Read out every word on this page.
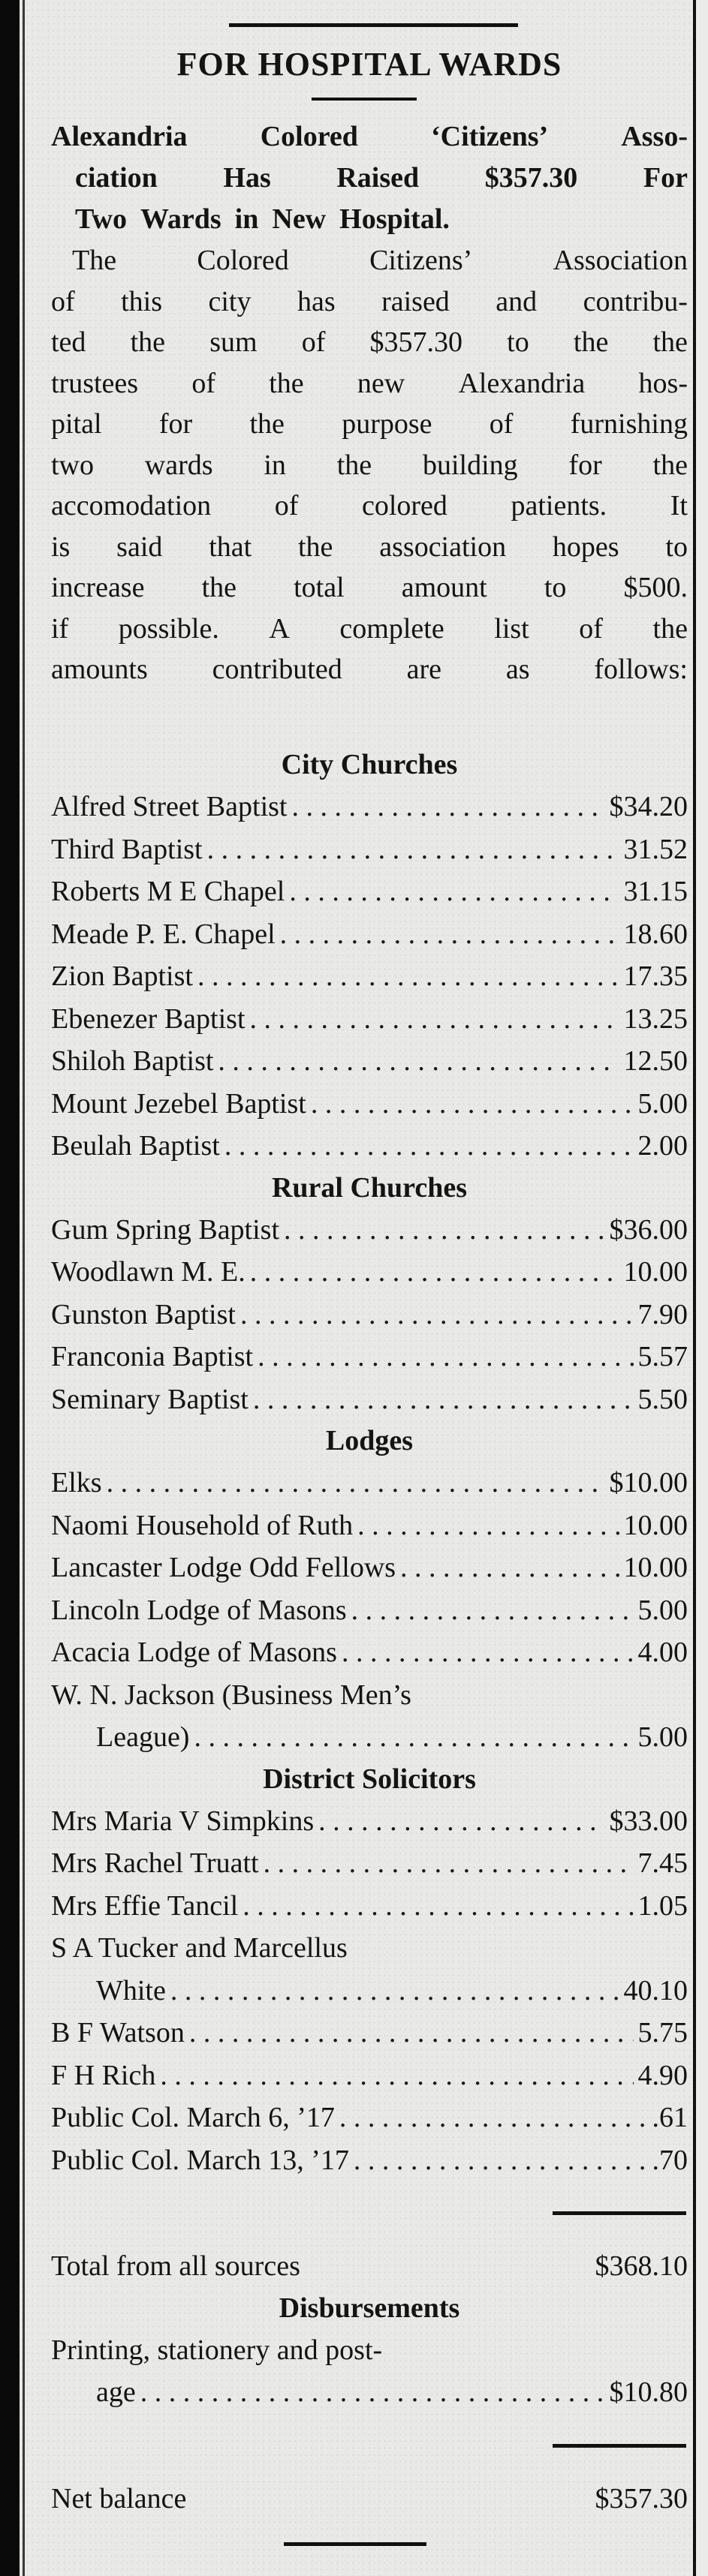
FOR HOSPITAL WARDS
Alexandria	Colored	‘Citizens’	Asso-
ciation Has Raised $357.30 For
Two Wards in New Hospital.
The	Colored	Citizens’	Association
of this city has raised and contribu-
ted the sum of $357.30 to the the
trustees of the new Alexandria hos-
pital for the purpose of furnishing
two wards in the building for the
accomodation of colored patients. It
is said that the association hopes to
increase the total amount to $500.
if possible. A complete list of the
amounts contributed are as follows:
City Churches
Alfred Street Baptist . . .	$34.20
Third Baptist . . .	31.52
Roberts M E Chapel . . .	31.15
Meade P. E. Chapel . . .	18.60
Zion Baptist . . .	17.35
Ebenezer Baptist . . .	13.25
Shiloh Baptist . . .	12.50
Mount Jezebel Baptist . . .	5.00
Beulah Baptist . . .	2.00
Rural Churches
Gum Spring Baptist . . .	$36.00
Woodlawn M. E. . . .	10.00
Gunston Baptist . . .	7.90
Franconia Baptist . . .	5.57
Seminary Baptist . . .	5.50
Lodges
Elks . . .	$10.00
Naomi Household of Ruth . . .	10.00
Lancaster Lodge Odd Fellows . . .	10.00
Lincoln Lodge of Masons . . .	5.00
Acacia Lodge of Masons . . .	4.00
W. N. Jackson (Business Men’s
League) . . .	5.00
District Solicitors
Mrs Maria V Simpkins . . .	$33.00
Mrs Rachel Truatt . . .	7.45
Mrs Effie Tancil . . .	1.05
S A Tucker and Marcellus
White . . .	40.10
B F Watson . . .	5.75
F H Rich . . .	4.90
Public Col. March 6, ’17 . . .	.61
Public Col. March 13, ’17 . . .	.70
Total from all sources	$368.10
Disbursements
Printing, stationery and post-
age . . .	$10.80
Net balance	$357.30
